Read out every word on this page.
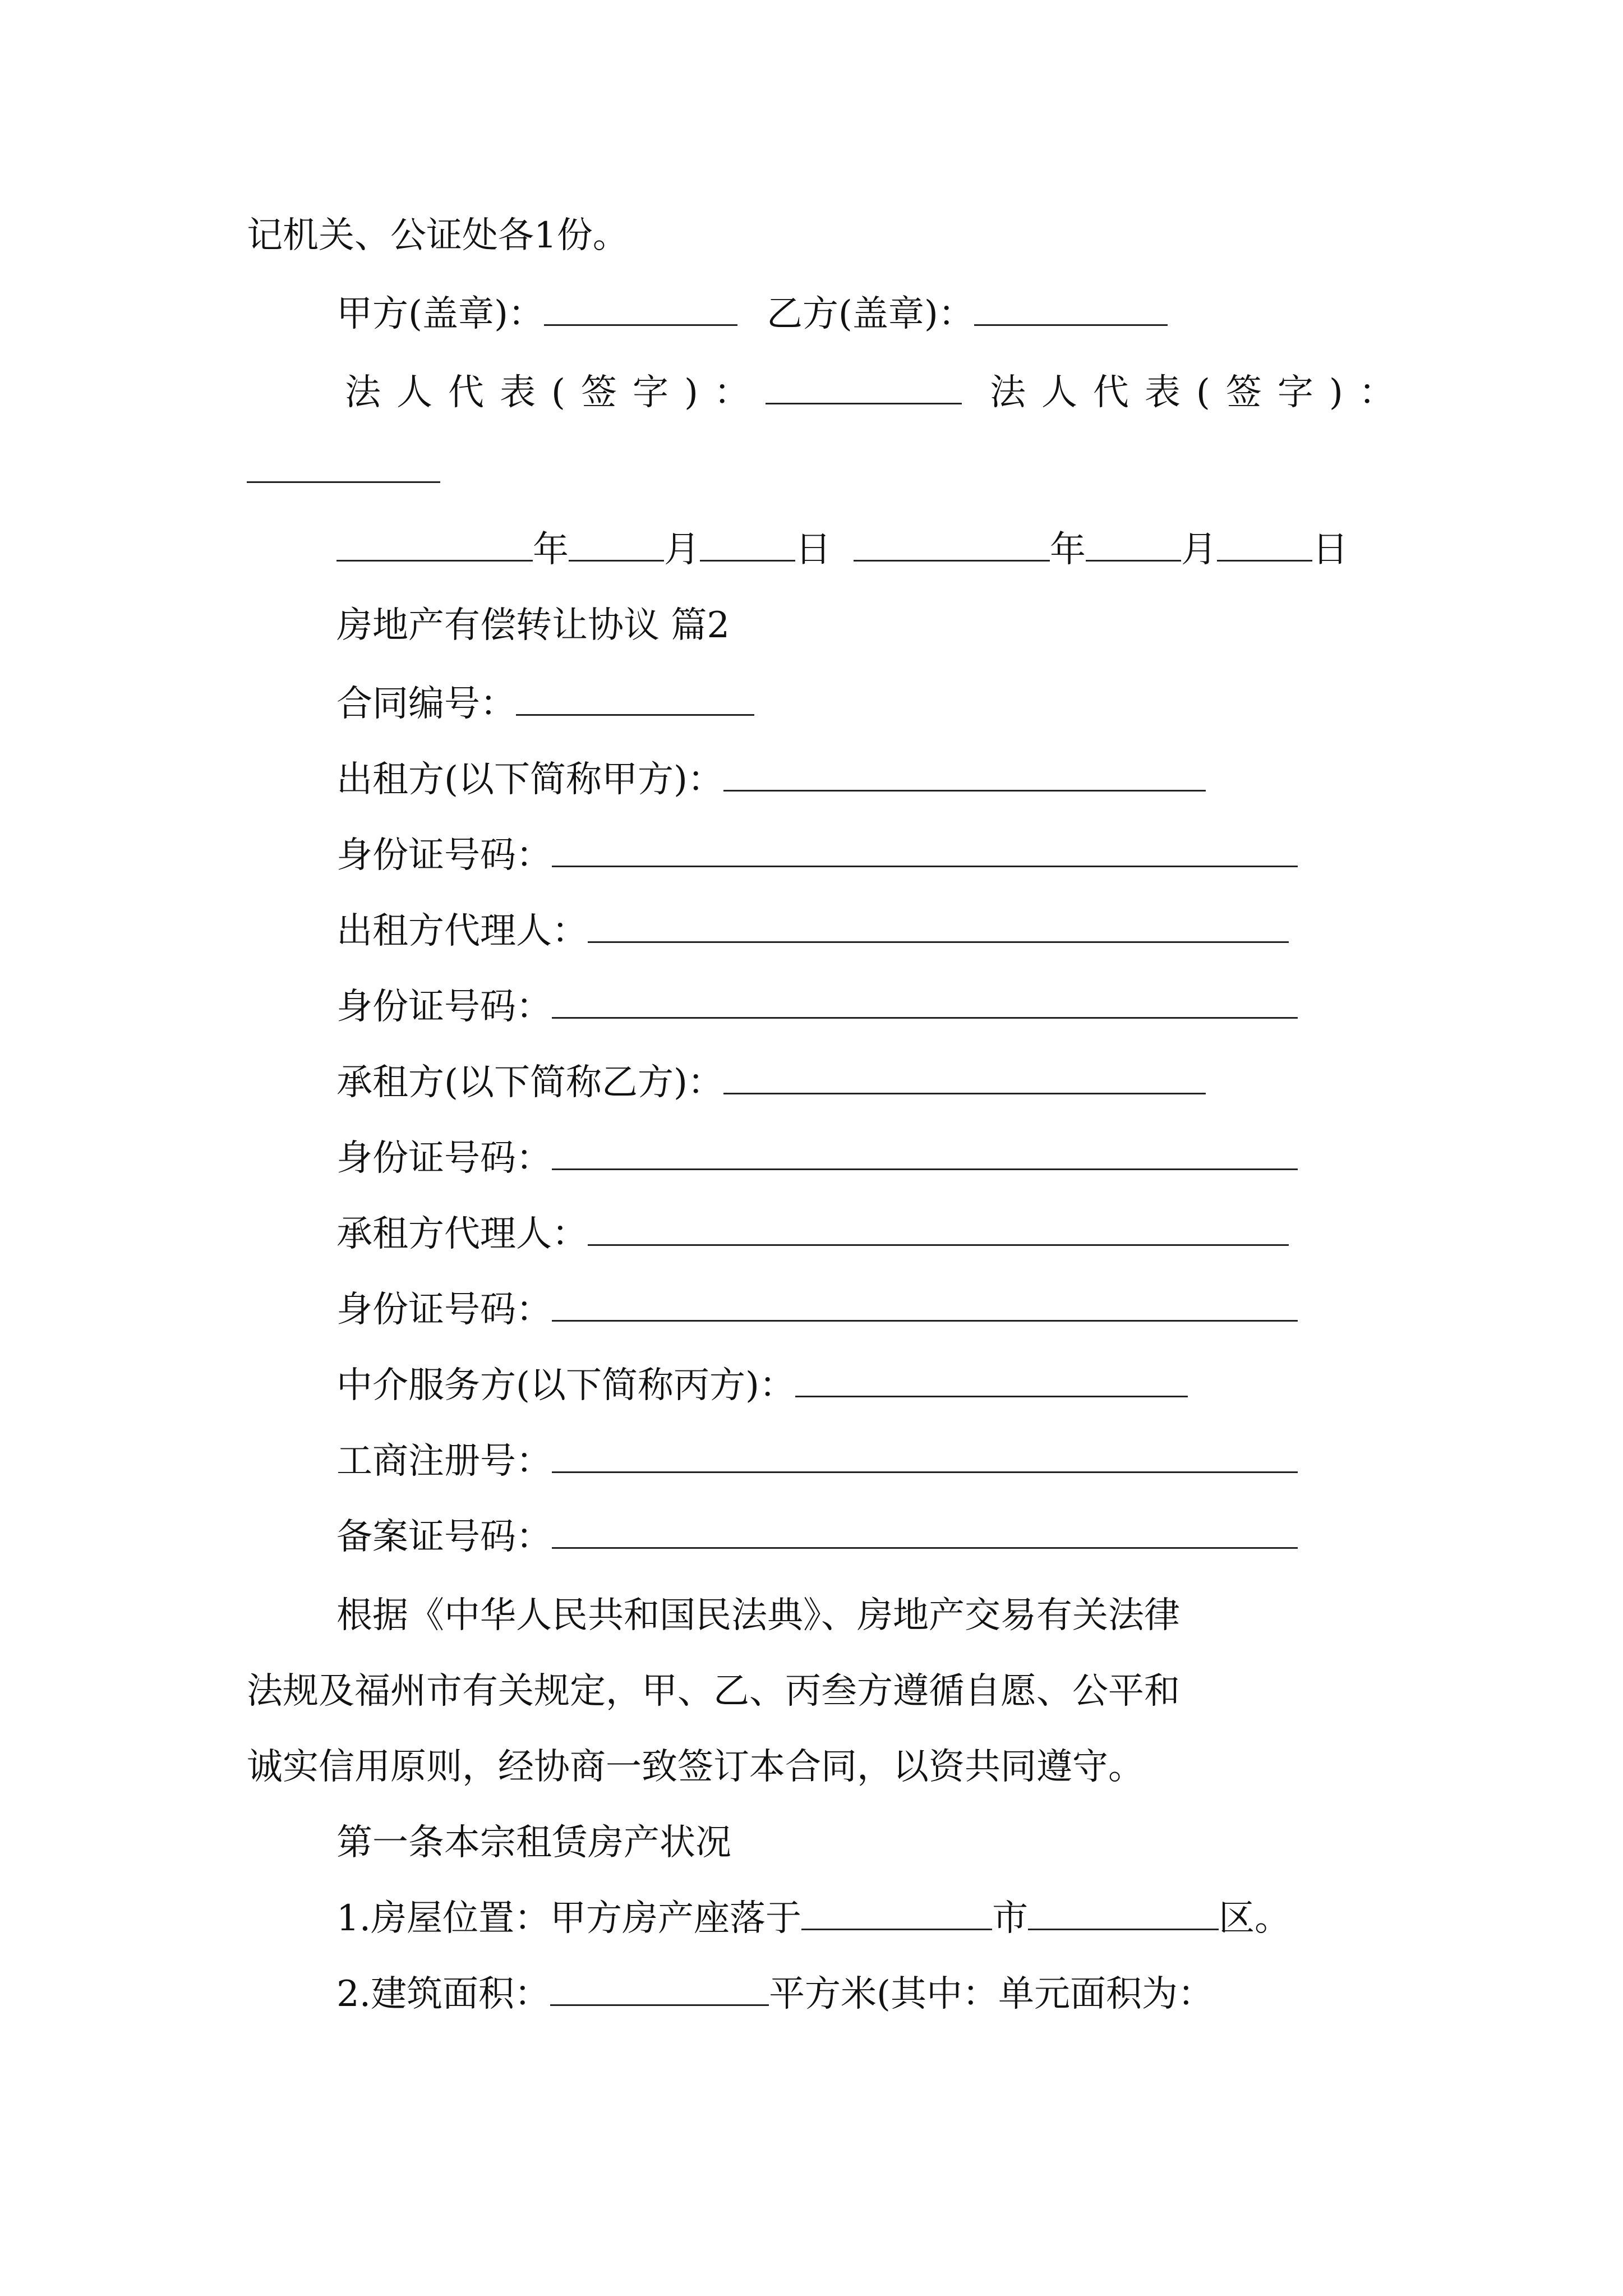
记机关、公证处各1份。
甲方(盖章)：	乙方(盖章)：
法人代表(签字)：	法人代表(签字)：
年	月	日	年	月	日
房地产有偿转让协议 篇2
合同编号：
出租方(以下简称甲方)：
身份证号码：
出租方代理人：
身份证号码：
承租方(以下简称乙方)：
身份证号码：
承租方代理人：
身份证号码：
中介服务方(以下简称丙方)：
工商注册号：
备案证号码：
根据《中华人民共和国民法典》、房地产交易有关法律
法规及福州市有关规定，甲、乙、丙叁方遵循自愿、公平和
诚实信用原则，经协商一致签订本合同，以资共同遵守。
第一条本宗租赁房产状况
1.房屋位置：甲方房产座落于	市	区。
2.建筑面积：	平方米(其中：单元面积为：
